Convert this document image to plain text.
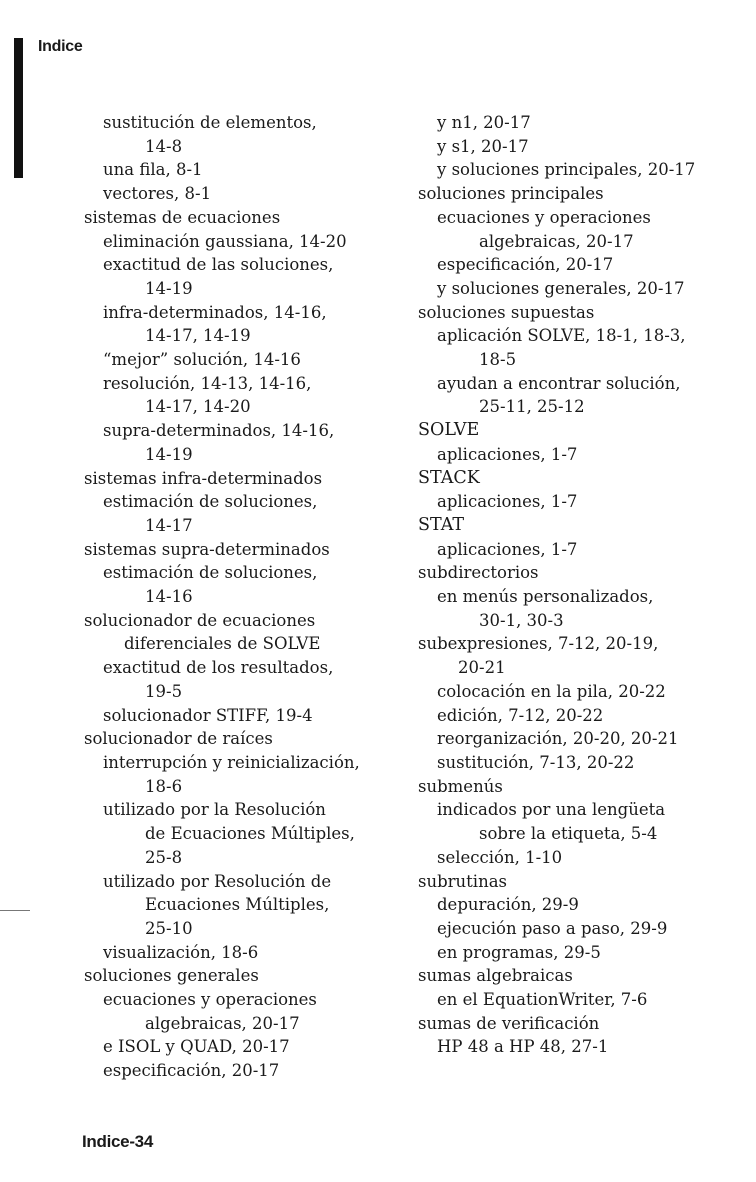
Indice
sustitución de elementos,
14-8
una fila, 8-1
vectores, 8-1
sistemas de ecuaciones
eliminación gaussiana, 14-20
exactitud de las soluciones,
14-19
infra-determinados, 14-16,
14-17, 14-19
“mejor” solución, 14-16
resolución, 14-13, 14-16,
14-17, 14-20
supra-determinados, 14-16,
14-19
sistemas infra-determinados
estimación de soluciones,
14-17
sistemas supra-determinados
estimación de soluciones,
14-16
solucionador de ecuaciones
diferenciales de SOLVE
exactitud de los resultados,
19-5
solucionador STIFF, 19-4
solucionador de raíces
interrupción y reinicialización,
18-6
utilizado por la Resolución
de Ecuaciones Múltiples,
25-8
utilizado por Resolución de
Ecuaciones Múltiples,
25-10
visualización, 18-6
soluciones generales
ecuaciones y operaciones
algebraicas, 20-17
e ISOL y QUAD, 20-17
especificación, 20-17
y n1, 20-17
y s1, 20-17
y soluciones principales, 20-17
soluciones principales
ecuaciones y operaciones
algebraicas, 20-17
especificación, 20-17
y soluciones generales, 20-17
soluciones supuestas
aplicación SOLVE, 18-1, 18-3,
18-5
ayudan a encontrar solución,
25-11, 25-12
SOLVE
aplicaciones, 1-7
STACK
aplicaciones, 1-7
STAT
aplicaciones, 1-7
subdirectorios
en menús personalizados,
30-1, 30-3
subexpresiones, 7-12, 20-19,
20-21
colocación en la pila, 20-22
edición, 7-12, 20-22
reorganización, 20-20, 20-21
sustitución, 7-13, 20-22
submenús
indicados por una lengüeta
sobre la etiqueta, 5-4
selección, 1-10
subrutinas
depuración, 29-9
ejecución paso a paso, 29-9
en programas, 29-5
sumas algebraicas
en el EquationWriter, 7-6
sumas de verificación
HP 48 a HP 48, 27-1
Indice-34
